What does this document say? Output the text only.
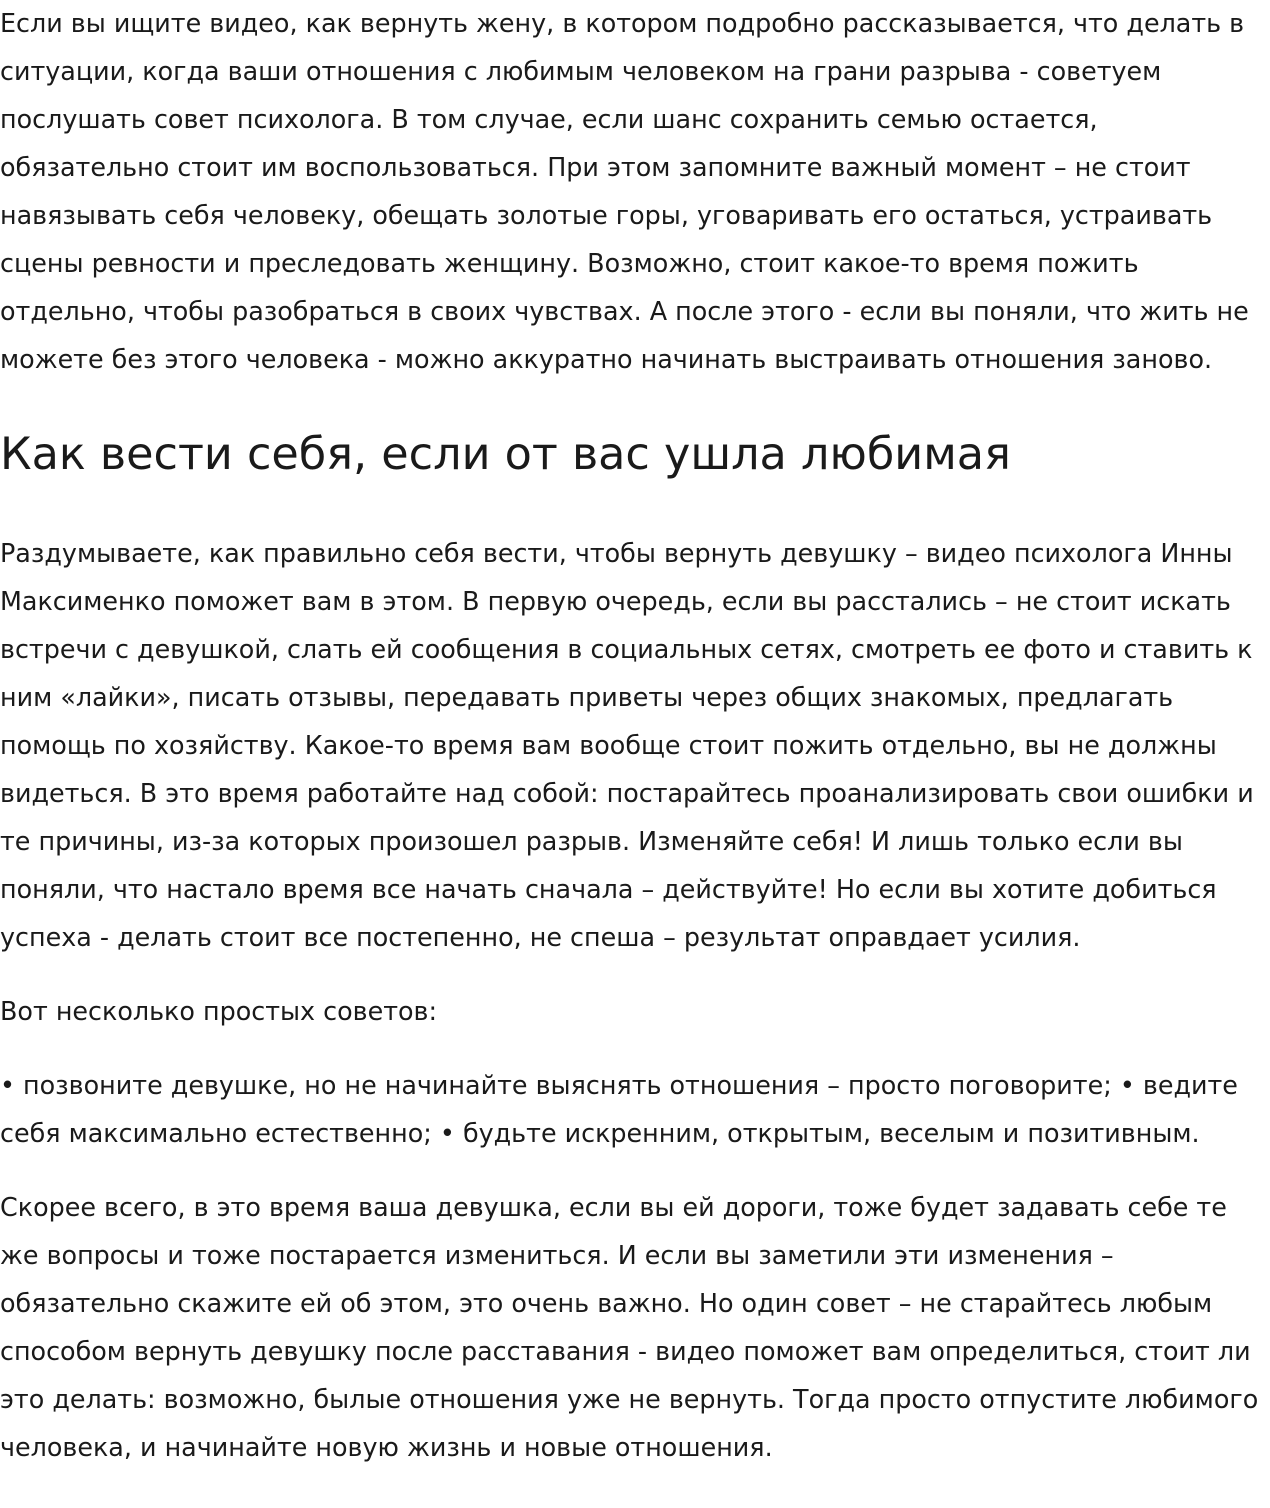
Если вы ищите видео, как вернуть жену, в котором подробно рассказывается, что делать в ситуации, когда ваши отношения с любимым человеком на грани разрыва - советуем послушать совет психолога. В том случае, если шанс сохранить семью остается, обязательно стоит им воспользоваться. При этом запомните важный момент – не стоит навязывать себя человеку, обещать золотые горы, уговаривать его остаться, устраивать сцены ревности и преследовать женщину. Возможно, стоит какое-то время пожить отдельно, чтобы разобраться в своих чувствах. А после этого - если вы поняли, что жить не можете без этого человека - можно аккуратно начинать выстраивать отношения заново.

Как вести себя, если от вас ушла любимая

Раздумываете, как правильно себя вести, чтобы вернуть девушку – видео психолога Инны Максименко поможет вам в этом. В первую очередь, если вы расстались – не стоит искать встречи с девушкой, слать ей сообщения в социальных сетях, смотреть ее фото и ставить к ним «лайки», писать отзывы, передавать приветы через общих знакомых, предлагать помощь по хозяйству. Какое-то время вам вообще стоит пожить отдельно, вы не должны видеться. В это время работайте над собой: постарайтесь проанализировать свои ошибки и те причины, из-за которых произошел разрыв. Изменяйте себя! И лишь только если вы поняли, что настало время все начать сначала – действуйте! Но если вы хотите добиться успеха - делать стоит все постепенно, не спеша – результат оправдает усилия.

Вот несколько простых советов:

• позвоните девушке, но не начинайте выяснять отношения – просто поговорите; • ведите себя максимально естественно; • будьте искренним, открытым, веселым и позитивным.

Скорее всего, в это время ваша девушка, если вы ей дороги, тоже будет задавать себе те же вопросы и тоже постарается измениться. И если вы заметили эти изменения – обязательно скажите ей об этом, это очень важно. Но один совет – не старайтесь любым способом вернуть девушку после расставания - видео поможет вам определиться, стоит ли это делать: возможно, былые отношения уже не вернуть. Тогда просто отпустите любимого человека, и начинайте новую жизнь и новые отношения.
